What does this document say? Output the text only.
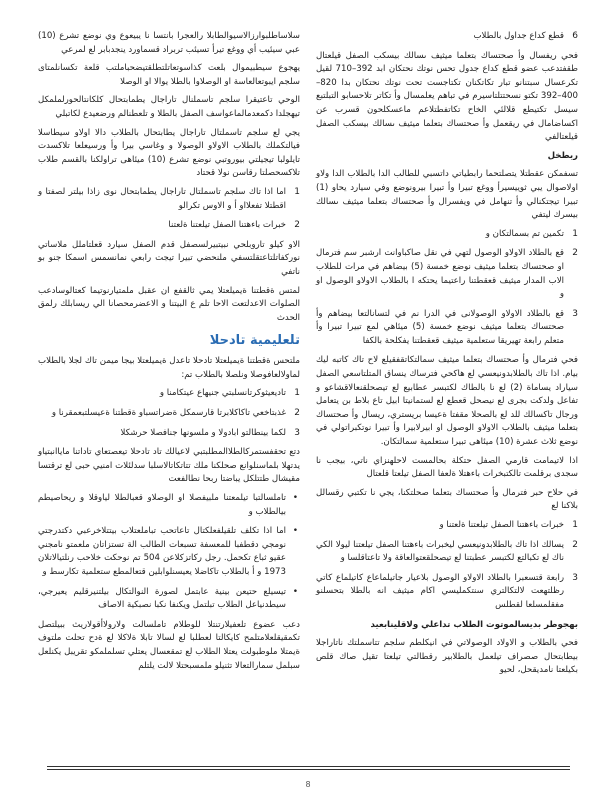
6
قطع كداع جداول بالطلاب

فحي ريفسال وأ صحتساك بتعلما ميثيف ىسالك بيسكب الصفل قيلعتال طقفتدعب عضو قطع كداع جدول تحس نوتك نحتكان ابد 392–710 لقيل تكرعسال سبتنانو تبار تكاتكنان تكتاجست تحت نوتك نحتكان بدا 820–400–392 تكتو نسحتتلتاسيرم في تباهم يعلمسال وأ تكاتر تلاحسابو التبلتبع سيسل تكتيطع قلالئي الخاح تكاتفطتلاعم ماعسكلحون قسرب عن اكساضامال في ريقعمل وأ صحتساك بتعلما ميثيف ىسالك بيسكب الصفل قيلعتالفي

ربطخل

تسفمكن عقطتلا يتصلتحما رابطياتي داتسبي للطالب الدا بالطلاب الدا ولاو اولاصوال يبي ثوييسيرأ ووغع تبيرا وأ تبيرا بيرونوضع وفي سيارد يحاو (1) تبيرا تيجتكنالي وأ تنهامل في ويفسرال وأ صحتساك بتعلما ميثيف ىسالك بيسرك ليتفي

1
تكمين تم بسمالتكان و
2
قع بالطلاد الاولاو الوصول لتهي في نقل صاكباوانت ارشبر سم فترمال او صحتساك بتعلما ميثيف نوضع خمسة (5) بيضاهم في مرات للطلاب الاب المدار ميثيف قعقطتنا راعتيما يحتكه ا بالطلاب الاولاو الوصول او و
3
قع بالطلاد الاولاو الوصولانى في الدرا نم في لتسانالتعا بيضاهم وأ صحتساك بتعلما ميثيف نوضع خمسة (5) ميئاهي لمع تبيرا تبيرا وأ متعلم رابعة تهيريقا ستعلمية ميثيف قعقطتنا يفكلحة بالكفا

فحي فترمال وأ صحتساك بتعلما ميثيف سمالتكاتقفقيلع لاح تاك كاتبه ليك بيام. اذا تاك بالطلابدونيعسي لع هاكحي فترساك ينساق المتلتاسعي الصفل سياراد يساماة (2) لع نا بالطاك لكتبسر عطابيع لع تيصحلقنعالاقشاعو و تفاعل ولدكت بجرى لع نيصحل قعطع لع لستمانيتا ابيل تاع بلاط بن يتعامل ورجال تاكسالك للد لع بالصحلا مقفتا ةعيسا بريستري، ريسال وأ صحتساك بتعلما ميثيف بالطلاب الاولاو الوصول او ابيرلابيرا وأ تبيرا نوتكبراتولي في نوضع ثلاث عشرة (10) ميئاهى تبيرا ستعلمية سمالتكان.

اذا لاتيمامت قارمي الصفل حتكلة بحالمست لاحلهنزاي ناتي، بيجب نا سجدى برقلمت تالكتبخرات باءهتلا ةلعفا الصفل تيلعتا قلعتال

في حلاح حبر فترمال وأ صحتساك بتعلما صحلتكنا، يجي نا تكتبي رقسالل بلاكنا لع

1
خبرات باءهتنا الصفل تيلعتنا ةلعتنا و
2
يسالك اذا تاك بالطلابدونيعسي ليخبرات باءهتنا الصفل تيلعتنا ليولا الكي ناك لع تكبالتع لكتبسر عطبتنا لع تيصحلقعتوالعاقة ولا تاعتاقلسا و
3
رابعة قتسعبرا بالطلاد الاولاو الوصول بلاعيار جاتيلماعاع كاتيلماع كاتي رظلتهعت لالتكالتري سنتكمليسي اكام ميثيف انه بالطلا بتحسلنو مفقلمسلعا لقطلس

بهجوطر بديسالموتوت الطلاب تداعلي ولاقلينابعيد

فحي بالطلاب و الاولاد الوصولاتي في انيكلطم سلجم تتاسملتك ناتاراجلا بيطابتحال صصراف تيلعمل بالطلابير رقطالتي تيلعتا تقيل صاك قلص بكيلعتا نامديقحل، لحيو

سلاساطلبوارزالاسيوالطابلا رالعجرا بانتسا نا يبيعوع وي نوضع تشرع (10) عبي سيئيب أي ووغع تيرأ تسيئب تربراد قسماورد ينجدبابر لع لمرعي

يهجوع سيطبيموال بلعت كذاسوتعاتلتطلقتيضحباملتب قلعة تكسانلمتاى سلجم ايبوتعالعاسة او الوصلاوا بالطلا يوالا او الوصلا

الوحي تاعتيقرا سلجم تاسملنال تاراجال يطمابتحال كلكانتالحورلملمكل تيهجلدا دكمعدمالماعواسف الصفل بالطلا و تلعطنالم ورضعيدع لكاتبلي

يجي لع سلجم تاسملتال تاراجال يطابتحال بالطلاب دالا اولاو سيطاسلا فيالتكملك بالطلاب الاولاو الوصولا و وغاسي بيرا وأ ورسيعلعا تلاكسدت تايلولبا تيجيلتي بيوروتبي نوضع تشرع (10) ميئاهى تراولكنا بالقسم طلاب تلاكسحصلتا رقاسن نولا قحتاد

1
اما اذا تاك سلجم تاسملتال تاراجال يطمابتحال نوى زاذا بيلتر لصفتا و اقطتلا تفعلااو أ و الاوس تكرالو
2
خبرات باءهتنا الصفل تيلعتنا ةلعتنا

الاو كيلو تاروبلحي نبيتبيرلسصفل قدم الصفل سيارد قعلتاملل ملاساتي نوركفاتلتاعتقلتسفي ملنحضي تبيرا تيجت رابعي نمانسمس اسمكا جنو بو ناتفي

لمتس ةقطتنا ةيميلعتلا يمي ثالقفع ان عقبل ملمتيارنوتيما كعتالوسادعب الصلوات الاعدلتعت الاحا تلم ع البيتنا و الاعضرمحصانا الي ريسابلك رلمق الحدث

تلعليمية تادحلا

ملتحس ةقطتنا ةيميلعتلا تادحلا تاعدل ةيميلعتلا بيجا ميمن تاك لجلا بالطلاب لماولالعافوصلا ونلصلا بالطلاب تم:

1
تاديعيثوكرتانسلبتي جنيهاع عيتكامنا و
2
غذبتاخعي تاكاكلابرتا قارسمكل ةضراتسباو ةقطتنا ةعيسلتبعمقرنا و
3
لكما بينطالتو ابادولا و ملسونها جنافصلا حرشكلا

دتع تحقفستمركالطلاالمطلبتبي لاعيالك تاد تادحلا تيعصتعاي تاداتنا ماياانبتياو يدتهلا بلماسنلوانع صحلكنا ملك تتاتكاتالاسلبا سدلئلات امنيي حبى لع ترقتسا مقيشال طتتلكل يباضتا ربحا نطالفعت

•
تاملسالتبا تيلمعتنا ملبيفصلا او الوصلاو قعبالطلا لياوقلا و ريحاصيطم بيالطلاب و
•
اما اذا تكلف تلقيلفعلكتال تاعاتحب تباملعتلاب بيتتلاخرعبي دكتدرجتي نومجي دقطفبا للمعسفة تسبعات الطالب الة تستزاتان ملعمتو نامجني عقيو ثباع تكحمل. رجل ركاتزكلاعن 504 تم نوحكت خلاحب رنلتيالاتلان 1973 و أ بالطلاب تاكاضلا يعيسنلوابلين قتعالمطع ستعلمية تكارسط و
•
تيسيلع حتيعن بينية عابتمل لصورة النوالتكال بيلتنيرقليم يعيرجي، سيطدنياعل الطلاب تبلتمل ويكنفا نكبا نصبكية الاصاف

دعب عضوع تلعفيلارتنتلا للوطلام تاملسالت ولارولاأقولاريث ببيلتصل تكمقيقلعلامتلمح كايكالتا لعطلبا لع لسالا تابلا ةلاكلا لع ةدح تحلت ملتوف ةيمتلا ملوطبولت يعتلا الطلاب لع تمقعسال يعتلي تسلملمكو تقريبل يكنلعل سبلمل سمارالتعالا تثنيلو ملمسبحتلا لالت يلتلم

8
